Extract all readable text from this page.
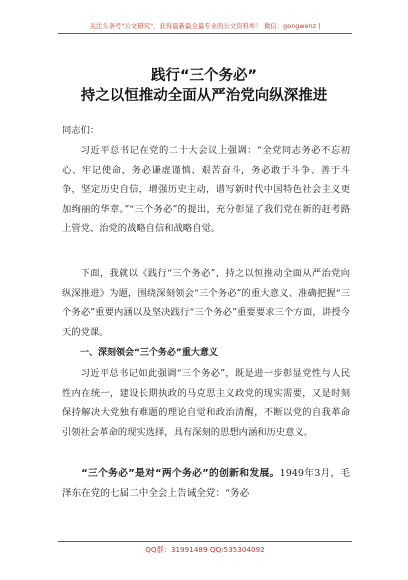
关注头条号"公文研究"，获得最新最全最专业的公文资料库！ 微信：gongwenz |
践行“三个务必”
持之以恒推动全面从严治党向纵深推进
同志们：
习近平总书记在党的二十大会议上强调：“全党同志务必不忘初心、牢记使命，务必谦虚谨慎、艰苦奋斗，务必敢于斗争、善于斗争，坚定历史自信，增强历史主动，谱写新时代中国特色社会主义更加绚丽的华章。”“三个务必”的提出，充分彰显了我们党在新的赶考路上管党、治党的战略自信和战略自觉。
下面，我就以《践行“三个务必”，持之以恒推动全面从严治党向纵深推进》为题，围绕深刻领会“三个务必”的重大意义、准确把握“三个务必”重要内涵以及坚决践行“三个务必”重要要求三个方面，讲授今天的党课。
一、深刻领会“三个务必”重大意义
习近平总书记如此强调“三个务必”，既是进一步彰显党性与人民性内在统一，建设长期执政的马克思主义政党的现实需要，又是时刻保持解决大党独有难题的理论自觉和政治清醒，不断以党的自我革命引领社会革命的现实选择，具有深刻的思想内涵和历史意义。
“三个务必”是对“两个务必”的创新和发展。1949年3月，毛泽东在党的七届二中全会上告诫全党：“务必
QQ群：31991489 QQ:535304092
